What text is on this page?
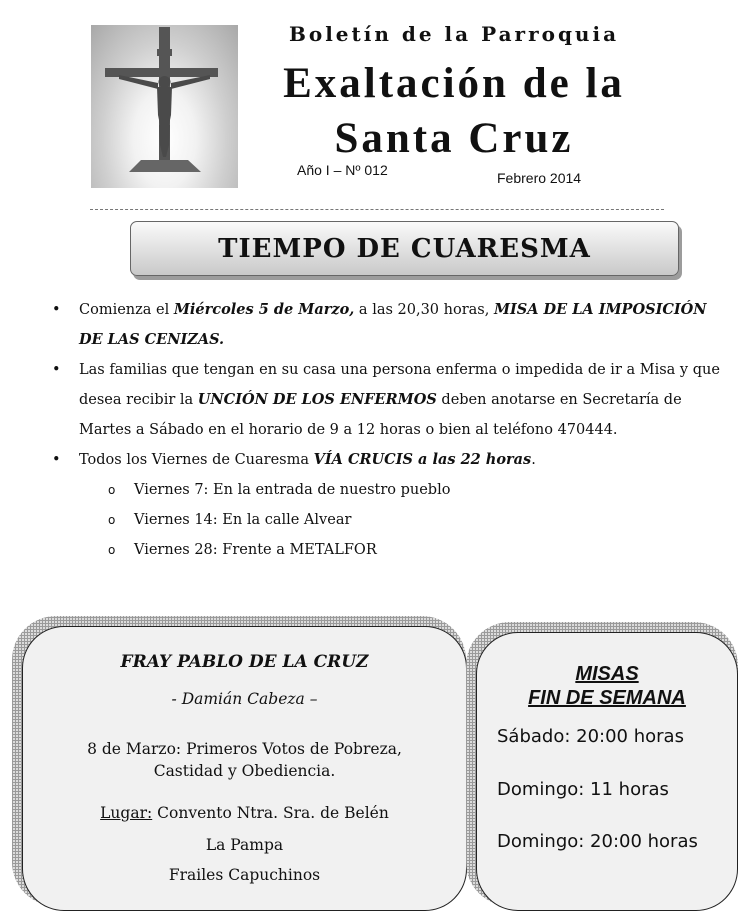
Boletín de la Parroquia
Exaltación de la
Santa Cruz
Año I – Nº 012	Febrero 2014
TIEMPO DE CUARESMA
• Comienza el Miércoles 5 de Marzo, a las 20,30 horas, MISA DE LA IMPOSICIÓN DE LAS CENIZAS.
• Las familias que tengan en su casa una persona enferma o impedida de ir a Misa y que desea recibir la UNCIÓN DE LOS ENFERMOS deben anotarse en Secretaría de Martes a Sábado en el horario de 9 a 12 horas o bien al teléfono 470444.
• Todos los Viernes de Cuaresma VÍA CRUCIS a las 22 horas.
o Viernes 7: En la entrada de nuestro pueblo
o Viernes 14: En la calle Alvear
o Viernes 28: Frente a METALFOR
FRAY PABLO DE LA CRUZ
- Damián Cabeza –
8 de Marzo: Primeros Votos de Pobreza,
Castidad y Obediencia.
Lugar: Convento Ntra. Sra. de Belén
La Pampa
Frailes Capuchinos
MISAS
FIN DE SEMANA
Sábado: 20:00 horas
Domingo: 11 horas
Domingo: 20:00 horas
